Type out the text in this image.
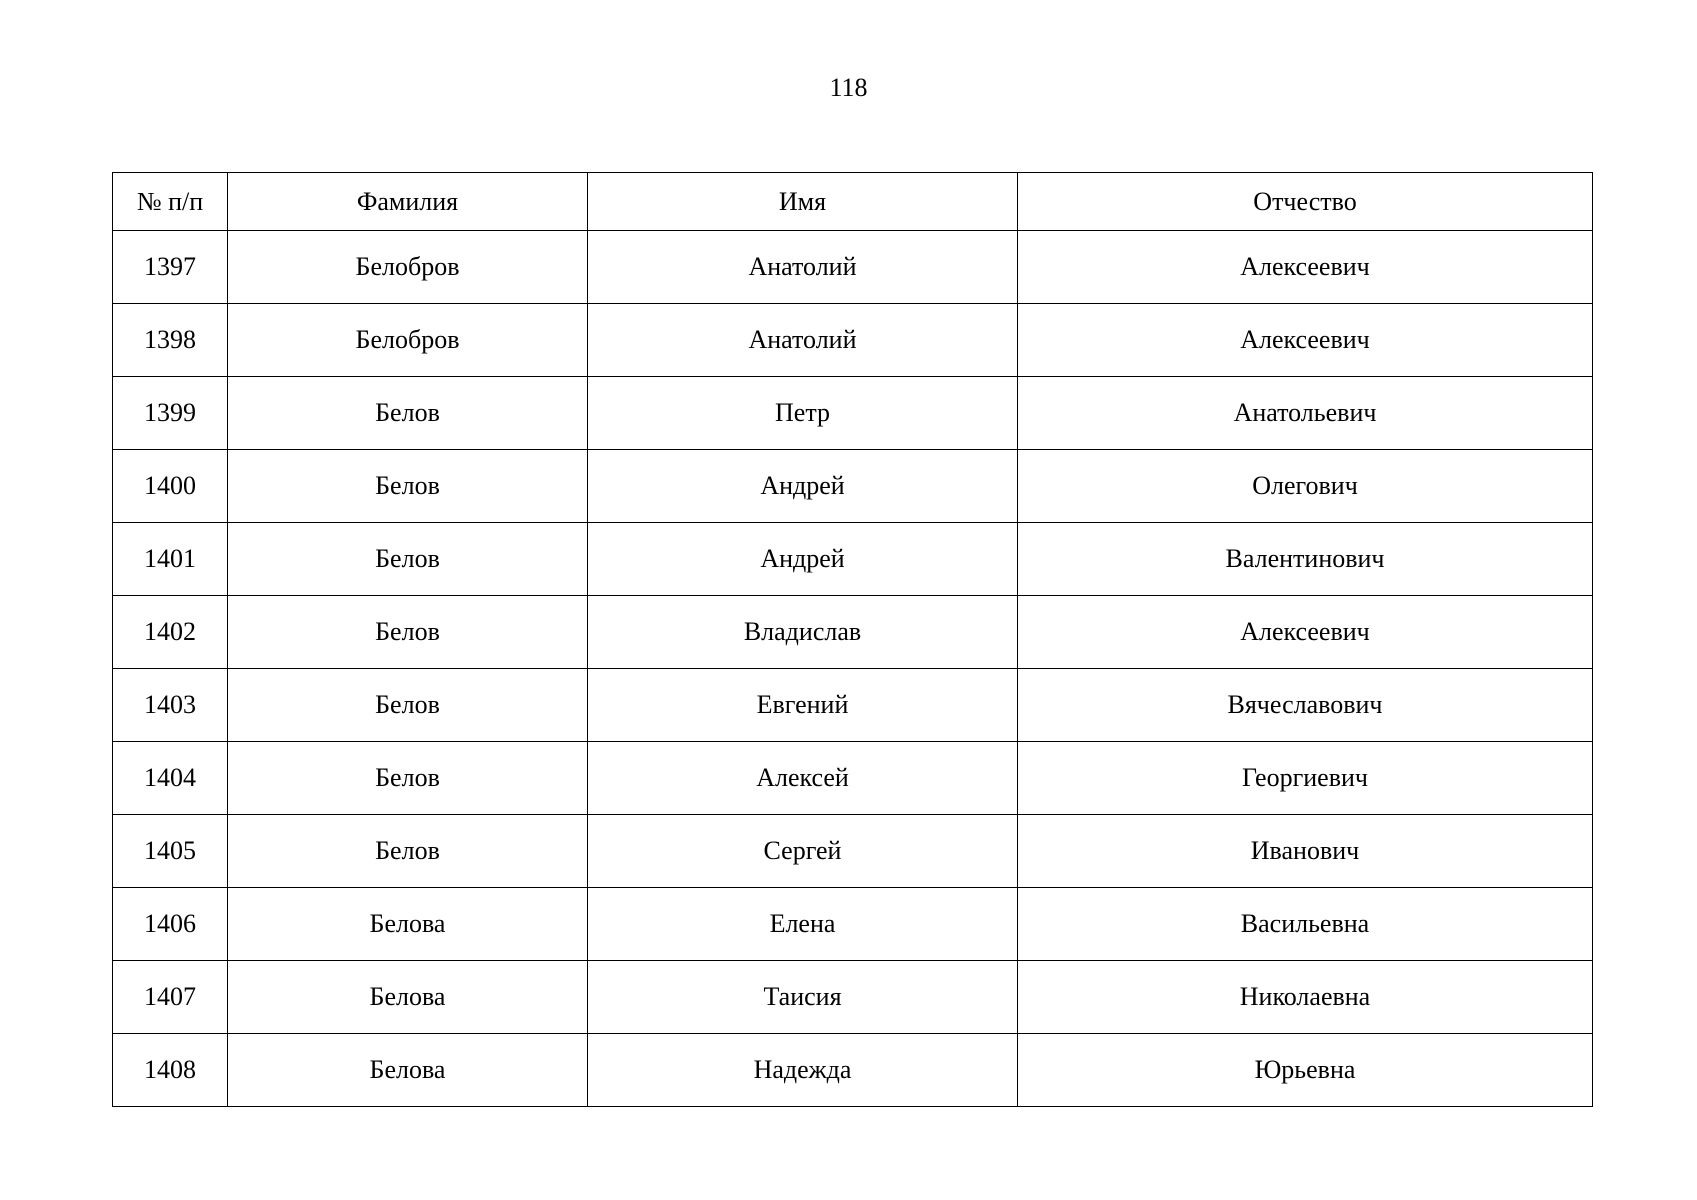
118
№ п/п	Фамилия	Имя	Отчество
1397	Белобров	Анатолий	Алексеевич
1398	Белобров	Анатолий	Алексеевич
1399	Белов	Петр	Анатольевич
1400	Белов	Андрей	Олегович
1401	Белов	Андрей	Валентинович
1402	Белов	Владислав	Алексеевич
1403	Белов	Евгений	Вячеславович
1404	Белов	Алексей	Георгиевич
1405	Белов	Сергей	Иванович
1406	Белова	Елена	Васильевна
1407	Белова	Таисия	Николаевна
1408	Белова	Надежда	Юрьевна
